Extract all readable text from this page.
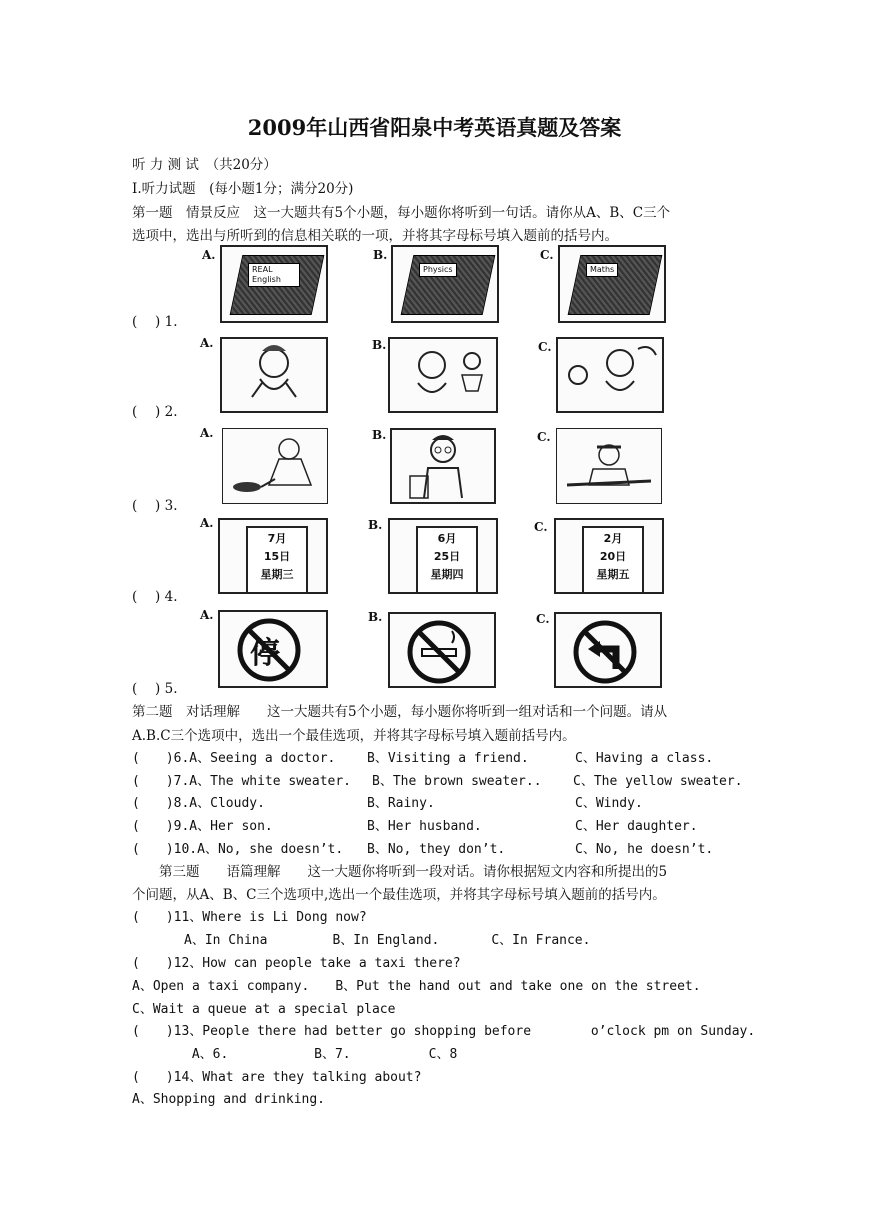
2009年山西省阳泉中考英语真题及答案
听 力 测 试　（共20分）
Ⅰ.听力试题　(每小题1分；满分20分)
第一题　情景反应　这一大题共有5个小题，每小题你将听到一句话。请你从A、B、C三个
选项中，选出与所听到的信息相关联的一项，并将其字母标号填入题前的括号内。
(　 ) 1.
A.
REAL English
B.
Physics
C.
Maths
(　 ) 2.
A.	B.	C.
(　 ) 3.
A.	B.	C.
(　 ) 4.
A.
7月
15日
星期三
B.
6月
25日
星期四
C.
2月
20日
星期五
(　 ) 5.
A.
停
B.	C.
第二题　对话理解　　这一大题共有5个小题，每小题你将听到一组对话和一个问题。请从
A.B.C三个选项中，选出一个最佳选项，并将其字母标号填入题前括号内。
(　　)6.A、Seeing a doctor. B、Visiting a friend.	C、Having a class.
(　　)7.A、The white sweater. B、The brown sweater.. C、The yellow sweater.
(　　)8.A、Cloudy.	B、Rainy.	C、Windy.
(　　)9.A、Her son.	B、Her husband.	C、Her daughter.
(　　)10.A、No, she doesn’t. B、No, they don’t.	C、No, he doesn’t.
　　第三题　　语篇理解　　这一大题你将听到一段对话。请你根据短文内容和所提出的5
个问题，从A、B、C三个选项中,选出一个最佳选项，并将其字母标号填入题前的括号内。
(　　)11、Where is Li Dong now?
　　　　A、In China　　　　　B、In England.　　　　C、In France.
(　　)12、How can people take a taxi there?
A、Open a taxi company.　　B、Put the hand out and take one on the street.
C、Wait a queue at a special place
(　　)13、People there had better go shopping before　　　　 o’clock pm on Sunday.
　　　　 A、6.　　　　　　 B、7.　　　　　　C、8
(　　)14、What are they talking about?
A、Shopping and drinking.
